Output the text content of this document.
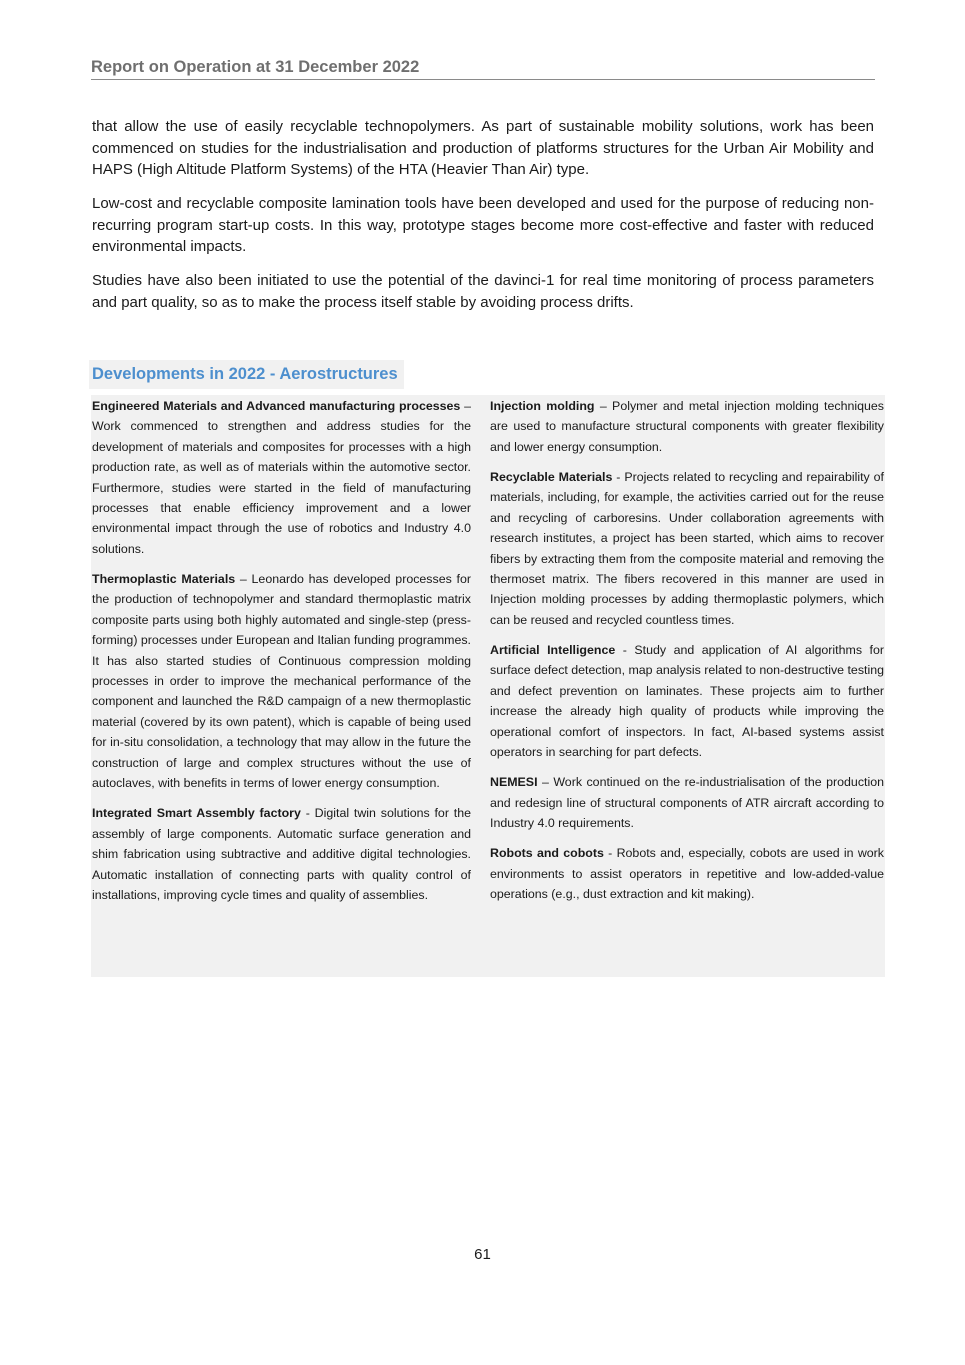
Report on Operation at 31 December 2022

that allow the use of easily recyclable technopolymers. As part of sustainable mobility solutions, work has been commenced on studies for the industrialisation and production of platforms structures for the Urban Air Mobility and HAPS (High Altitude Platform Systems) of the HTA (Heavier Than Air) type.

Low-cost and recyclable composite lamination tools have been developed and used for the purpose of reducing non-recurring program start-up costs. In this way, prototype stages become more cost-effective and faster with reduced environmental impacts.

Studies have also been initiated to use the potential of the davinci-1 for real time monitoring of process parameters and part quality, so as to make the process itself stable by avoiding process drifts.

Developments in 2022 - Aerostructures

Engineered Materials and Advanced manufacturing processes – Work commenced to strengthen and address studies for the development of materials and composites for processes with a high production rate, as well as of materials within the automotive sector. Furthermore, studies were started in the field of manufacturing processes that enable efficiency improvement and a lower environmental impact through the use of robotics and Industry 4.0 solutions.

Thermoplastic Materials – Leonardo has developed processes for the production of technopolymer and standard thermoplastic matrix composite parts using both highly automated and single-step (press-forming) processes under European and Italian funding programmes. It has also started studies of Continuous compression molding processes in order to improve the mechanical performance of the component and launched the R&D campaign of a new thermoplastic material (covered by its own patent), which is capable of being used for in-situ consolidation, a technology that may allow in the future the construction of large and complex structures without the use of autoclaves, with benefits in terms of lower energy consumption.

Integrated Smart Assembly factory - Digital twin solutions for the assembly of large components. Automatic surface generation and shim fabrication using subtractive and additive digital technologies. Automatic installation of connecting parts with quality control of installations, improving cycle times and quality of assemblies.

Injection molding – Polymer and metal injection molding techniques are used to manufacture structural components with greater flexibility and lower energy consumption.

Recyclable Materials - Projects related to recycling and repairability of materials, including, for example, the activities carried out for the reuse and recycling of carboresins. Under collaboration agreements with research institutes, a project has been started, which aims to recover fibers by extracting them from the composite material and removing the thermoset matrix. The fibers recovered in this manner are used in Injection molding processes by adding thermoplastic polymers, which can be reused and recycled countless times.

Artificial Intelligence - Study and application of AI algorithms for surface defect detection, map analysis related to non-destructive testing and defect prevention on laminates. These projects aim to further increase the already high quality of products while improving the operational comfort of inspectors. In fact, AI-based systems assist operators in searching for part defects.

NEMESI – Work continued on the re-industrialisation of the production and redesign line of structural components of ATR aircraft according to Industry 4.0 requirements.

Robots and cobots - Robots and, especially, cobots are used in work environments to assist operators in repetitive and low-added-value operations (e.g., dust extraction and kit making).

61
